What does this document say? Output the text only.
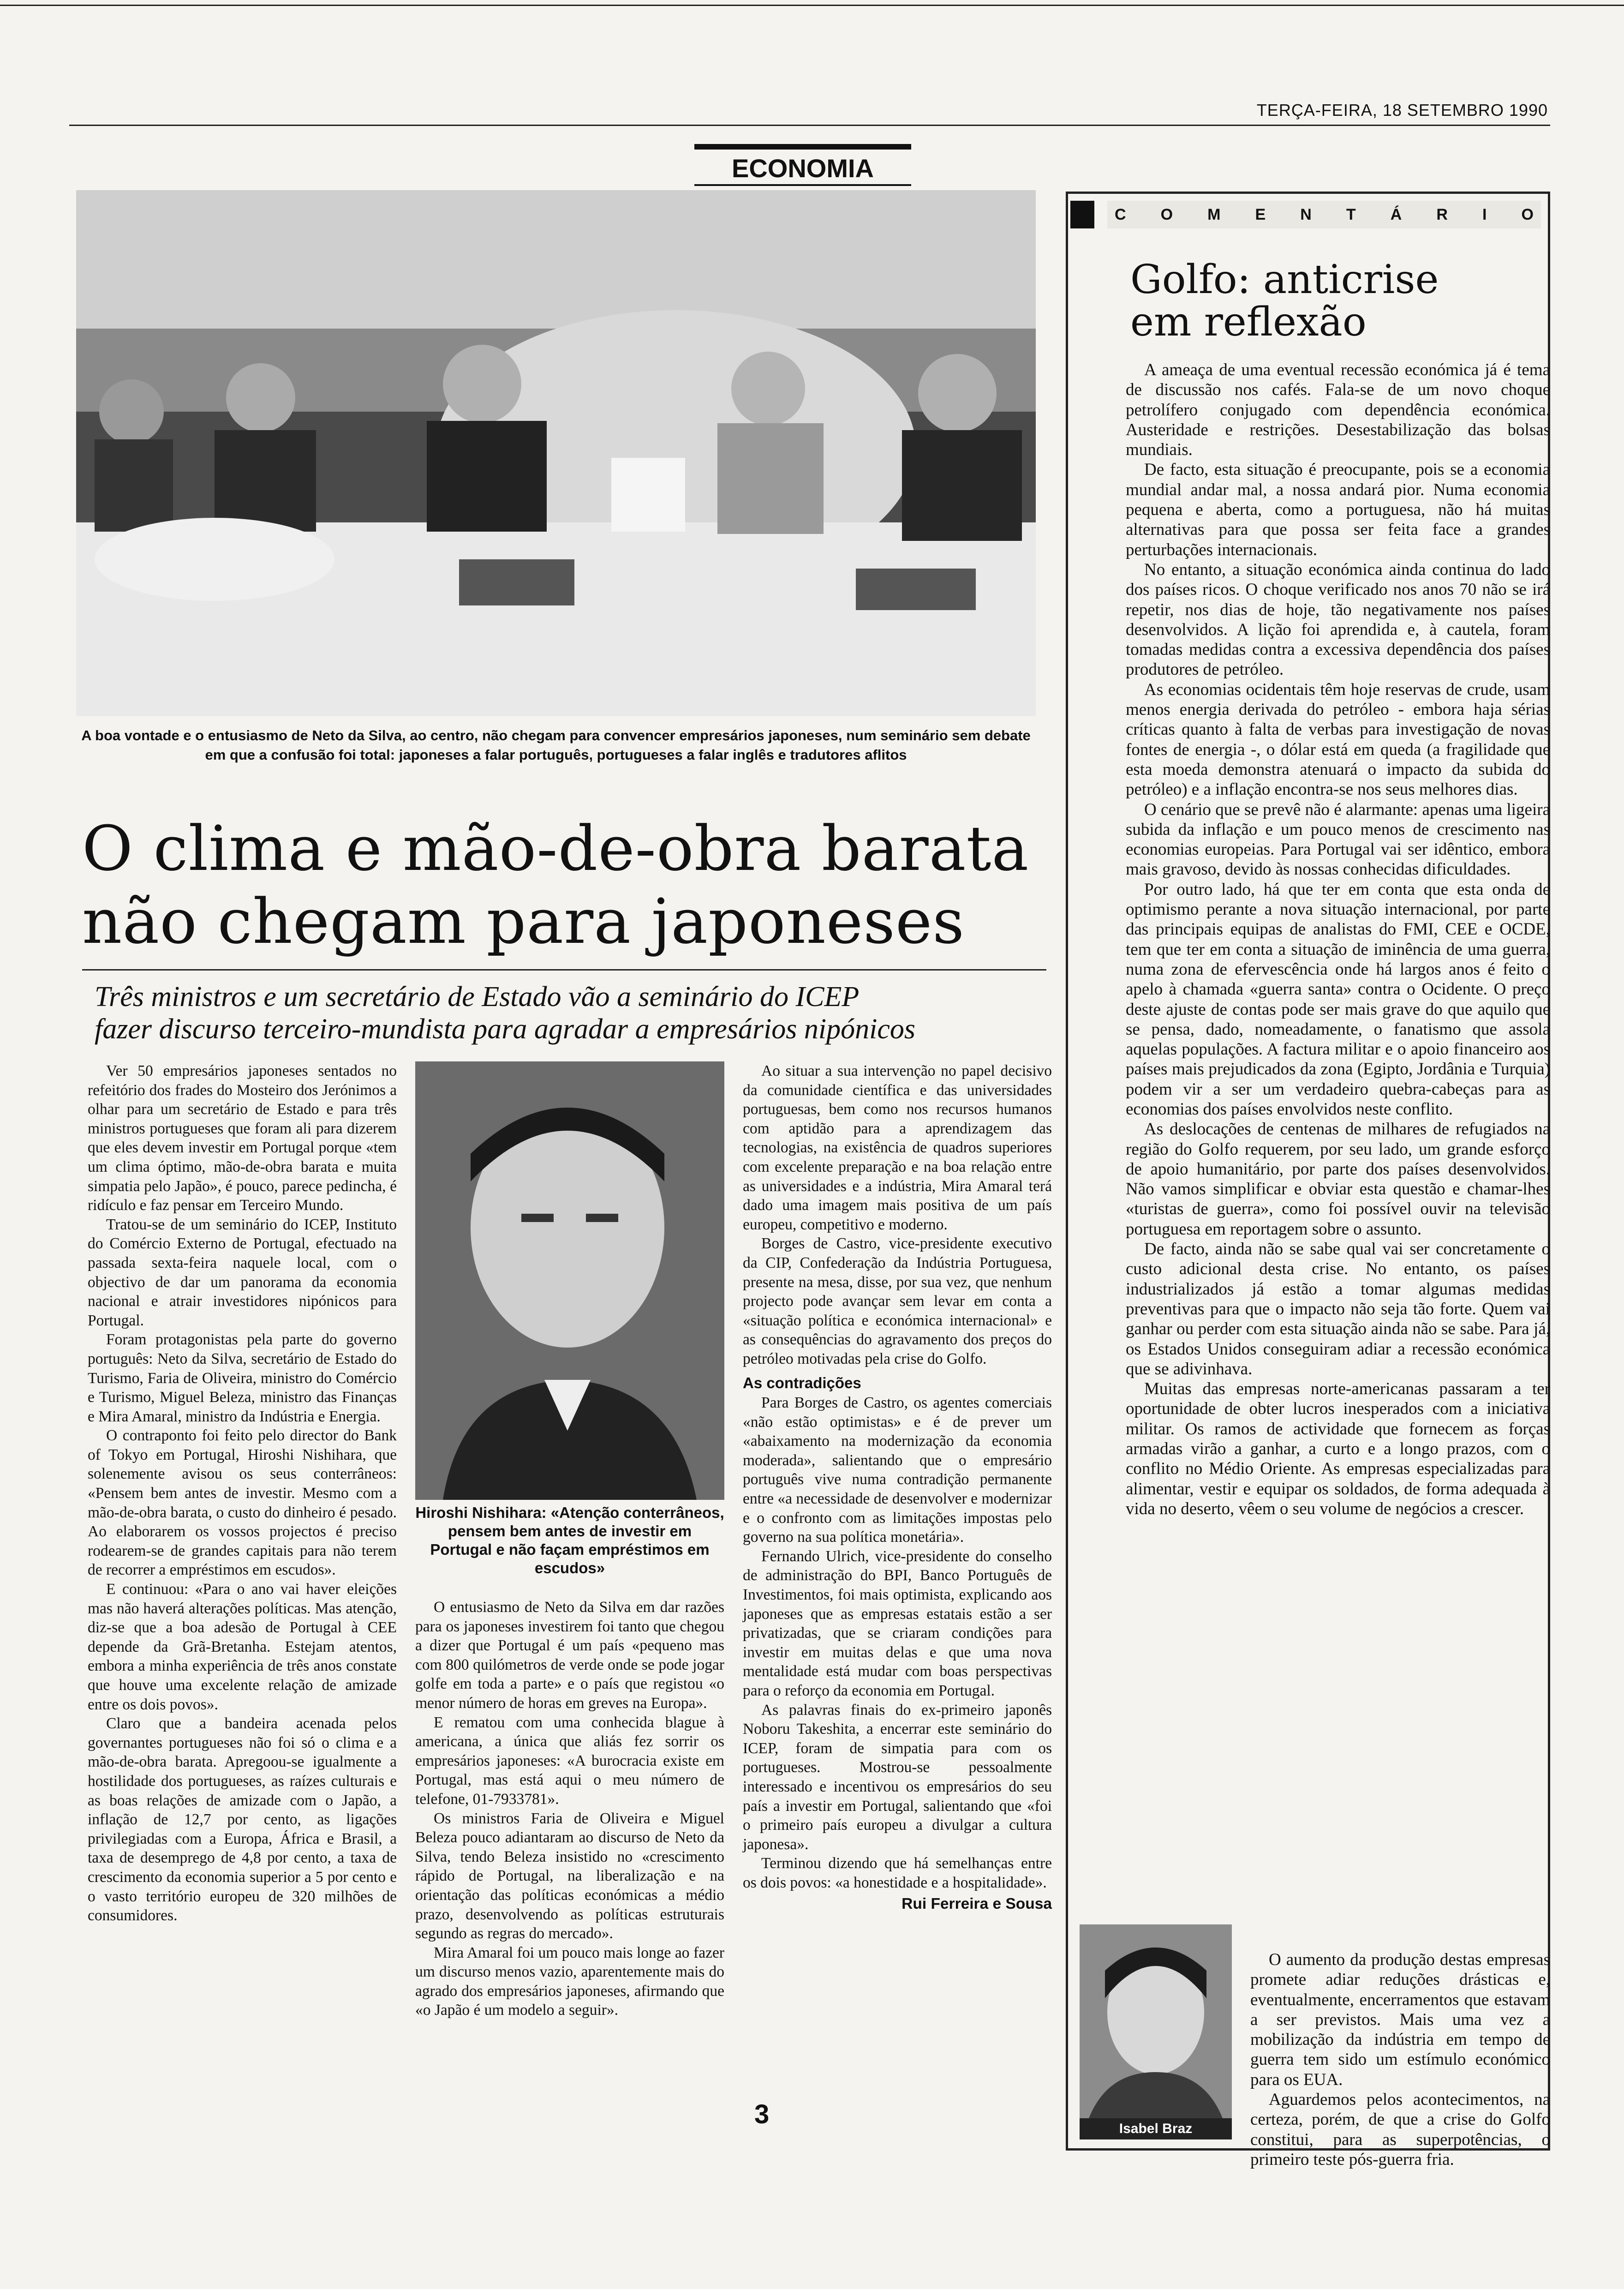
TERÇA-FEIRA, 18 SETEMBRO 1990
ECONOMIA
A boa vontade e o entusiasmo de Neto da Silva, ao centro, não chegam para convencer empresários japoneses, num seminário sem debate em que a confusão foi total: japoneses a falar português, portugueses a falar inglês e tradutores aflitos
O clima e mão-de-obra barata
não chegam para japoneses
Três ministros e um secretário de Estado vão a seminário do ICEP
fazer discurso terceiro-mundista para agradar a empresários nipónicos

Ver 50 empresários japoneses sentados no refeitório dos frades do Mosteiro dos Jerónimos a olhar para um secretário de Estado e para três ministros portugueses que foram ali para dizerem que eles devem investir em Portugal porque «tem um clima óptimo, mão-de-obra barata e muita simpatia pelo Japão», é pouco, parece pedincha, é ridículo e faz pensar em Terceiro Mundo.

Tratou-se de um seminário do ICEP, Instituto do Comércio Externo de Portugal, efectuado na passada sexta-feira naquele local, com o objectivo de dar um panorama da economia nacional e atrair investidores nipónicos para Portugal.

Foram protagonistas pela parte do governo português: Neto da Silva, secretário de Estado do Turismo, Faria de Oliveira, ministro do Comércio e Turismo, Miguel Beleza, ministro das Finanças e Mira Amaral, ministro da Indústria e Energia.

O contraponto foi feito pelo director do Bank of Tokyo em Portugal, Hiroshi Nishihara, que solenemente avisou os seus conterrâneos: «Pensem bem antes de investir. Mesmo com a mão-de-obra barata, o custo do dinheiro é pesado. Ao elaborarem os vossos projectos é preciso rodearem-se de grandes capitais para não terem de recorrer a empréstimos em escudos».

E continuou: «Para o ano vai haver eleições mas não haverá alterações políticas. Mas atenção, diz-se que a boa adesão de Portugal à CEE depende da Grã-Bretanha. Estejam atentos, embora a minha experiência de três anos constate que houve uma excelente relação de amizade entre os dois povos».

Claro que a bandeira acenada pelos governantes portugueses não foi só o clima e a mão-de-obra barata. Apregoou-se igualmente a hostilidade dos portugueses, as raízes culturais e as boas relações de amizade com o Japão, a inflação de 12,7 por cento, as ligações privilegiadas com a Europa, África e Brasil, a taxa de desemprego de 4,8 por cento, a taxa de crescimento da economia superior a 5 por cento e o vasto território europeu de 320 milhões de consumidores.

Hiroshi Nishihara: «Atenção conterrâneos, pensem bem antes de investir em Portugal e não façam empréstimos em escudos»

O entusiasmo de Neto da Silva em dar razões para os japoneses investirem foi tanto que chegou a dizer que Portugal é um país «pequeno mas com 800 quilómetros de verde onde se pode jogar golfe em toda a parte» e o país que registou «o menor número de horas em greves na Europa».

E rematou com uma conhecida blague à americana, a única que aliás fez sorrir os empresários japoneses: «A burocracia existe em Portugal, mas está aqui o meu número de telefone, 01-7933781».

Os ministros Faria de Oliveira e Miguel Beleza pouco adiantaram ao discurso de Neto da Silva, tendo Beleza insistido no «crescimento rápido de Portugal, na liberalização e na orientação das políticas económicas a médio prazo, desenvolvendo as políticas estruturais segundo as regras do mercado».

Mira Amaral foi um pouco mais longe ao fazer um discurso menos vazio, aparentemente mais do agrado dos empresários japoneses, afirmando que «o Japão é um modelo a seguir».

Ao situar a sua intervenção no papel decisivo da comunidade científica e das universidades portuguesas, bem como nos recursos humanos com aptidão para a aprendizagem das tecnologias, na existência de quadros superiores com excelente preparação e na boa relação entre as universidades e a indústria, Mira Amaral terá dado uma imagem mais positiva de um país europeu, competitivo e moderno.

Borges de Castro, vice-presidente executivo da CIP, Confederação da Indústria Portuguesa, presente na mesa, disse, por sua vez, que nenhum projecto pode avançar sem levar em conta a «situação política e económica internacional» e as consequências do agravamento dos preços do petróleo motivadas pela crise do Golfo.

As contradições

Para Borges de Castro, os agentes comerciais «não estão optimistas» e é de prever um «abaixamento na modernização da economia moderada», salientando que o empresário português vive numa contradição permanente entre «a necessidade de desenvolver e modernizar e o confronto com as limitações impostas pelo governo na sua política monetária».

Fernando Ulrich, vice-presidente do conselho de administração do BPI, Banco Português de Investimentos, foi mais optimista, explicando aos japoneses que as empresas estatais estão a ser privatizadas, que se criaram condições para investir em muitas delas e que uma nova mentalidade está mudar com boas perspectivas para o reforço da economia em Portugal.

As palavras finais do ex-primeiro japonês Noboru Takeshita, a encerrar este seminário do ICEP, foram de simpatia para com os portugueses. Mostrou-se pessoalmente interessado e incentivou os empresários do seu país a investir em Portugal, salientando que «foi o primeiro país europeu a divulgar a cultura japonesa».

Terminou dizendo que há semelhanças entre os dois povos: «a honestidade e a hospitalidade».

Rui Ferreira e Sousa
C O M E N T Á R I O
Golfo: anticrise
em reflexão

A ameaça de uma eventual recessão económica já é tema de discussão nos cafés. Fala-se de um novo choque petrolífero conjugado com dependência económica. Austeridade e restrições. Desestabilização das bolsas mundiais.

De facto, esta situação é preocupante, pois se a economia mundial andar mal, a nossa andará pior. Numa economia pequena e aberta, como a portuguesa, não há muitas alternativas para que possa ser feita face a grandes perturbações internacionais.

No entanto, a situação económica ainda continua do lado dos países ricos. O choque verificado nos anos 70 não se irá repetir, nos dias de hoje, tão negativamente nos países desenvolvidos. A lição foi aprendida e, à cautela, foram tomadas medidas contra a excessiva dependência dos países produtores de petróleo.

As economias ocidentais têm hoje reservas de crude, usam menos energia derivada do petróleo - embora haja sérias críticas quanto à falta de verbas para investigação de novas fontes de energia -, o dólar está em queda (a fragilidade que esta moeda demonstra atenuará o impacto da subida do petróleo) e a inflação encontra-se nos seus melhores dias.

O cenário que se prevê não é alarmante: apenas uma ligeira subida da inflação e um pouco menos de crescimento nas economias europeias. Para Portugal vai ser idêntico, embora mais gravoso, devido às nossas conhecidas dificuldades.

Por outro lado, há que ter em conta que esta onda de optimismo perante a nova situação internacional, por parte das principais equipas de analistas do FMI, CEE e OCDE, tem que ter em conta a situação de iminência de uma guerra, numa zona de efervescência onde há largos anos é feito o apelo à chamada «guerra santa» contra o Ocidente. O preço deste ajuste de contas pode ser mais grave do que aquilo que se pensa, dado, nomeadamente, o fanatismo que assola aquelas populações. A factura militar e o apoio financeiro aos países mais prejudicados da zona (Egipto, Jordânia e Turquia) podem vir a ser um verdadeiro quebra-cabeças para as economias dos países envolvidos neste conflito.

As deslocações de centenas de milhares de refugiados na região do Golfo requerem, por seu lado, um grande esforço de apoio humanitário, por parte dos países desenvolvidos. Não vamos simplificar e obviar esta questão e chamar-lhes «turistas de guerra», como foi possível ouvir na televisão portuguesa em reportagem sobre o assunto.

De facto, ainda não se sabe qual vai ser concretamente o custo adicional desta crise. No entanto, os países industrializados já estão a tomar algumas medidas preventivas para que o impacto não seja tão forte. Quem vai ganhar ou perder com esta situação ainda não se sabe. Para já, os Estados Unidos conseguiram adiar a recessão económica que se adivinhava.

Muitas das empresas norte-americanas passaram a ter oportunidade de obter lucros inesperados com a iniciativa militar. Os ramos de actividade que fornecem as forças armadas virão a ganhar, a curto e a longo prazos, com o conflito no Médio Oriente. As empresas especializadas para alimentar, vestir e equipar os soldados, de forma adequada à vida no deserto, vêem o seu volume de negócios a crescer.

Isabel Braz

O aumento da produção destas empresas promete adiar reduções drásticas e, eventualmente, encerramentos que estavam a ser previstos. Mais uma vez a mobilização da indústria em tempo de guerra tem sido um estímulo económico para os EUA.

Aguardemos pelos acontecimentos, na certeza, porém, de que a crise do Golfo constitui, para as superpotências, o primeiro teste pós-guerra fria.

3
